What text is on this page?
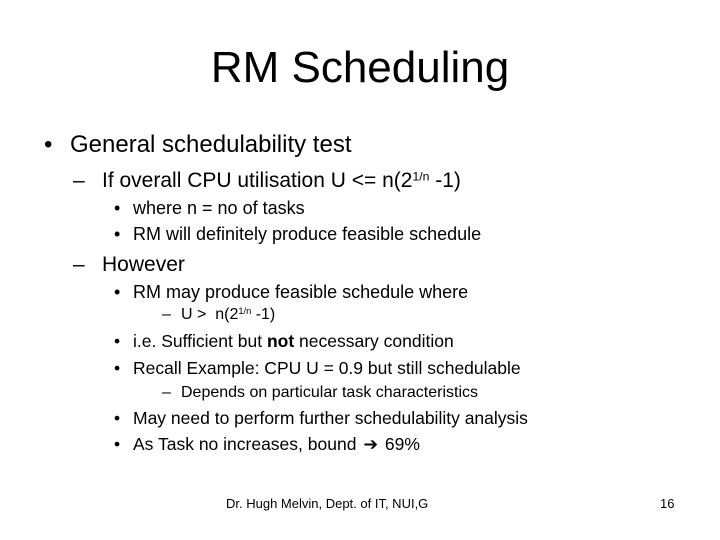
RM Scheduling
• General schedulability test
– If overall CPU utilisation $U <= n(2^{1/n}$ -1)
• where n = no of tasks
• RM will definitely produce feasible schedule
– However
• RM may produce feasible schedule where
– $U > n(2^{1/n}$ -1)
• i.e. Sufficient but not necessary condition
• Recall Example: CPU U = 0.9 but still schedulable
– Depends on particular task characteristics
• May need to perform further schedulability analysis
• As Task no increases, bound ➔ 69%
Dr. Hugh Melvin, Dept. of IT, NUI,G	16
